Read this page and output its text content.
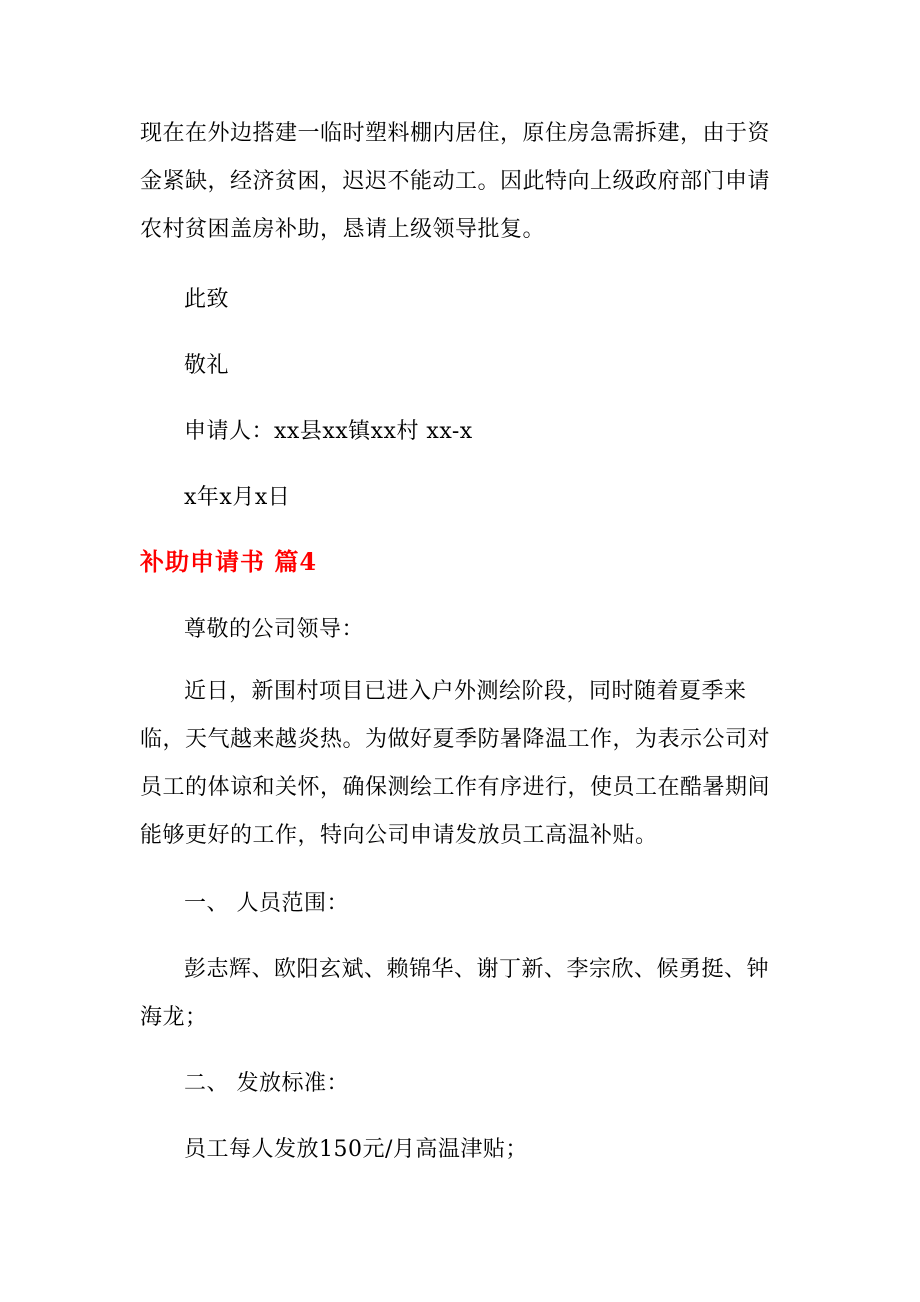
现在在外边搭建一临时塑料棚内居住，原住房急需拆建，由于资金紧缺，经济贫困，迟迟不能动工。因此特向上级政府部门申请农村贫困盖房补助，恳请上级领导批复。

此致

敬礼

申请人：xx县xx镇xx村 xx-x

x年x月x日

补助申请书 篇4

尊敬的公司领导：

近日，新围村项目已进入户外测绘阶段，同时随着夏季来临，天气越来越炎热。为做好夏季防暑降温工作，为表示公司对员工的体谅和关怀，确保测绘工作有序进行，使员工在酷暑期间能够更好的工作，特向公司申请发放员工高温补贴。

一、 人员范围：

彭志辉、欧阳玄斌、赖锦华、谢丁新、李宗欣、候勇挺、钟海龙；

二、 发放标准：

员工每人发放150元/月高温津贴；
